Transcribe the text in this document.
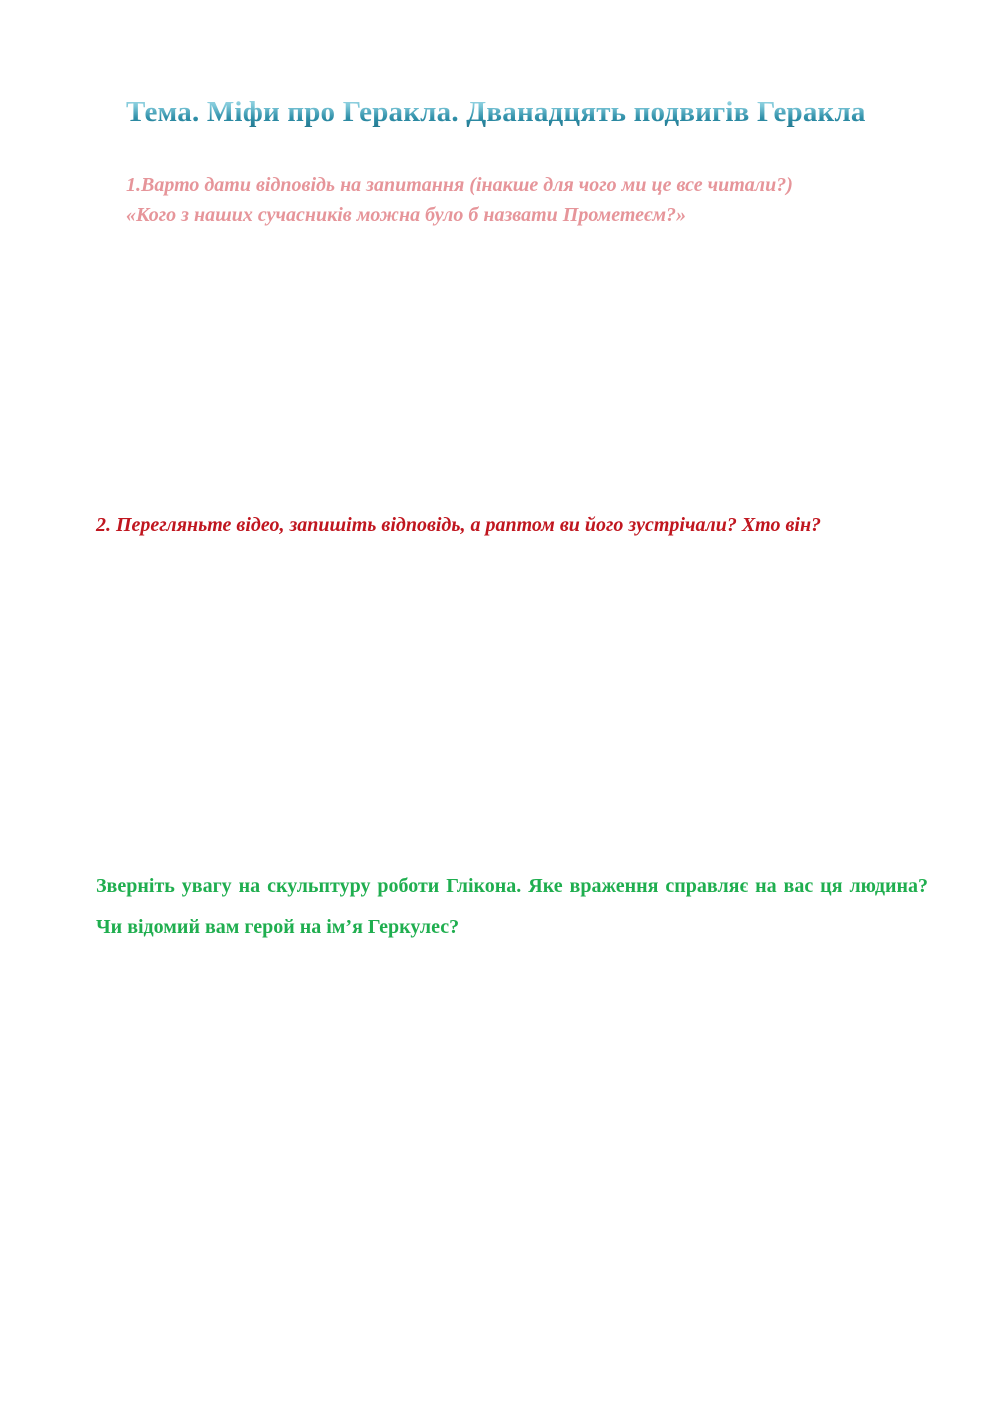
Тема. Міфи про Геракла. Дванадцять подвигів Геракла
1.Варто дати відповідь на запитання (інакше для чого ми це все читали?)
«Кого з наших сучасників можна було б назвати Прометеєм?»

2. Перегляньте відео, запишіть відповідь, а раптом ви його зустрічали? Хто він?

Зверніть увагу на скульптуру роботи Глікона. Яке враження справляє на вас ця людина? Чи відомий вам герой на ім’я Геркулес?
